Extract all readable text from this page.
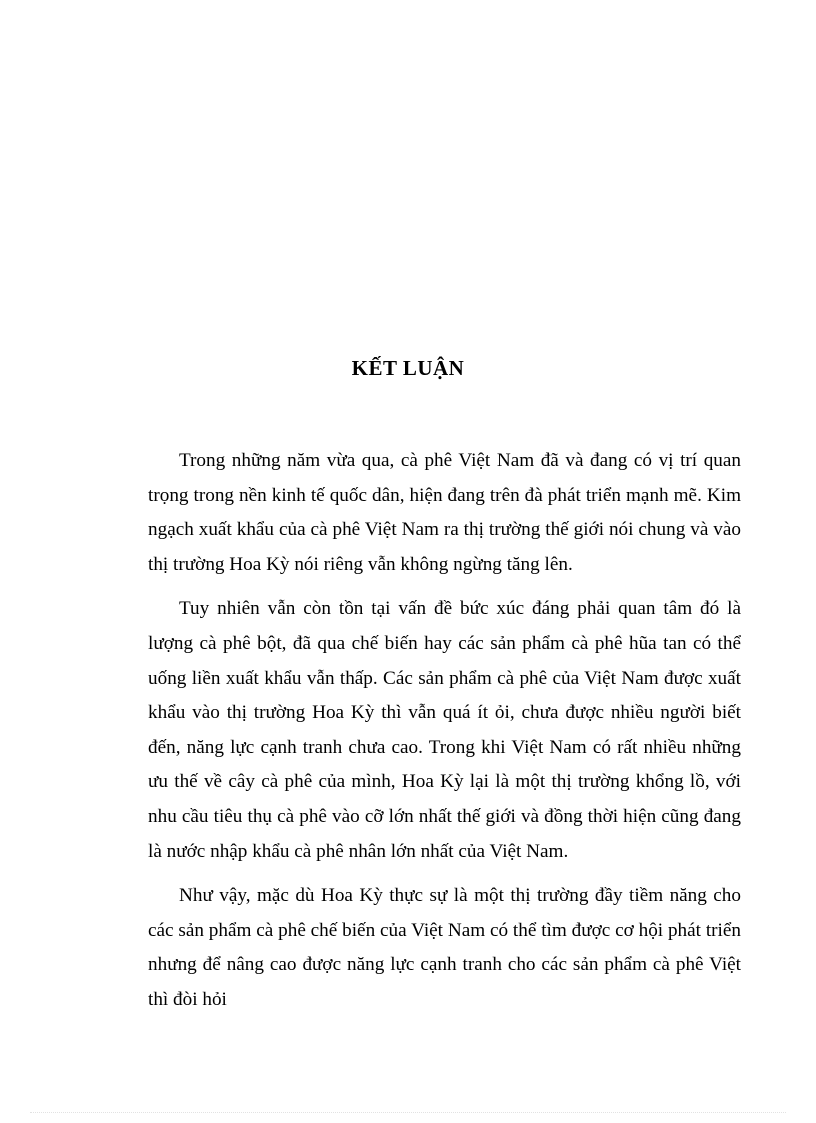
KẾT LUẬN

Trong những năm vừa qua, cà phê Việt Nam đã và đang có vị trí quan trọng trong nền kinh tế quốc dân, hiện đang trên đà phát triển mạnh mẽ. Kim ngạch xuất khẩu của cà phê Việt Nam ra thị trường thế giới nói chung và vào thị trường Hoa Kỳ nói riêng vẫn không ngừng tăng lên.

Tuy nhiên vẫn còn tồn tại vấn đề bức xúc đáng phải quan tâm đó là lượng cà phê bột, đã qua chế biến hay các sản phẩm cà phê hũa tan có thể uống liền xuất khẩu vẫn thấp. Các sản phẩm cà phê của Việt Nam được xuất khẩu vào thị trường Hoa Kỳ thì vẫn quá ít ỏi, chưa được nhiều người biết đến, năng lực cạnh tranh chưa cao. Trong khi Việt Nam có rất nhiều những ưu thế về cây cà phê của mình, Hoa Kỳ lại là một thị trường khổng lồ, với nhu cầu tiêu thụ cà phê vào cỡ lớn nhất thế giới và đồng thời hiện cũng đang là nước nhập khẩu cà phê nhân lớn nhất của Việt Nam.

Như vậy, mặc dù Hoa Kỳ thực sự là một thị trường đầy tiềm năng cho các sản phẩm cà phê chế biến của Việt Nam có thể tìm được cơ hội phát triển nhưng để nâng cao được năng lực cạnh tranh cho các sản phẩm cà phê Việt thì đòi hỏi
